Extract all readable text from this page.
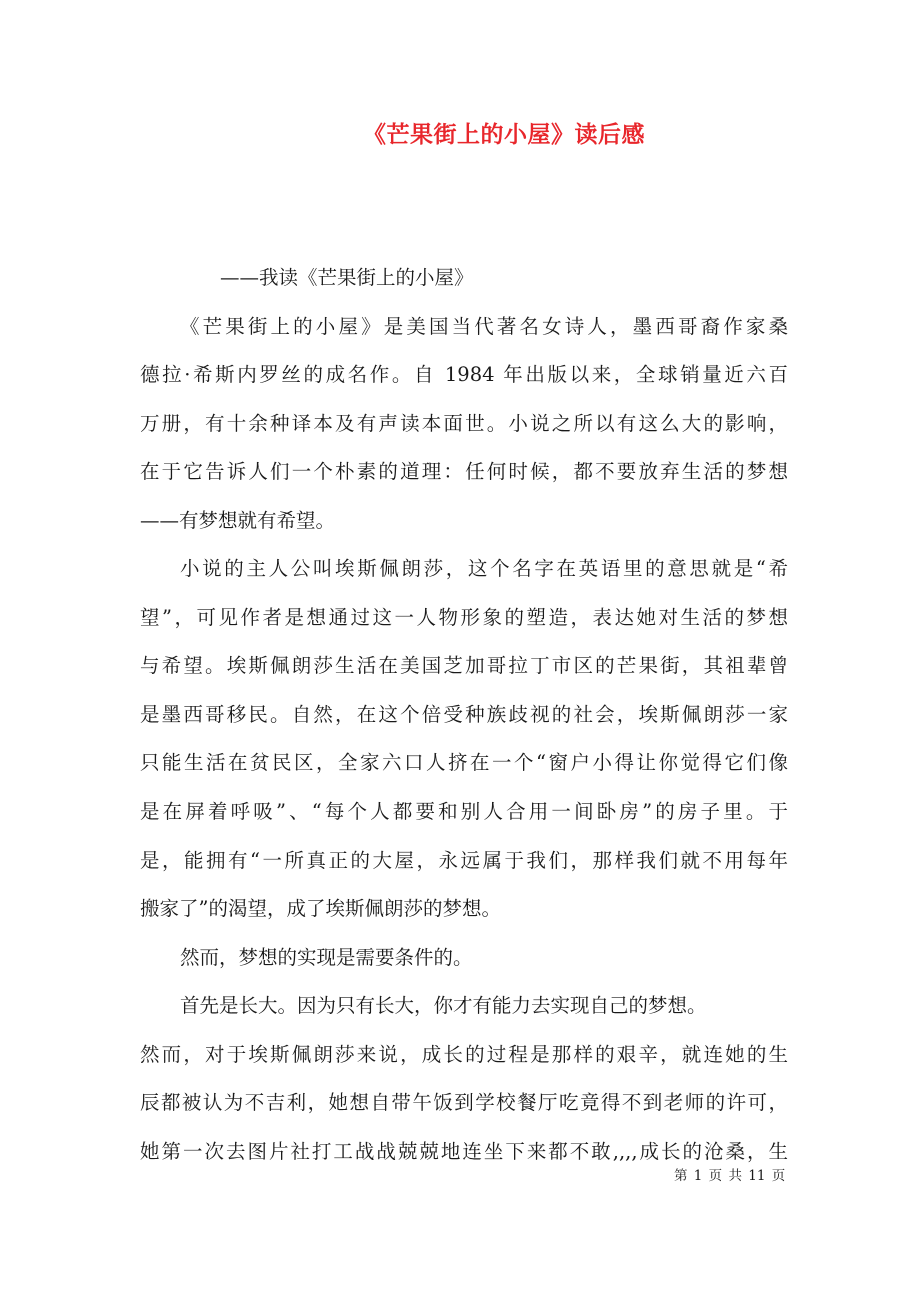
《芒果街上的小屋》读后感
——我读《芒果街上的小屋》
《芒果街上的小屋》是美国当代著名女诗人，墨西哥裔作家桑
德拉·希斯内罗丝的成名作。自 1984 年出版以来，全球销量近六百
万册，有十余种译本及有声读本面世。小说之所以有这么大的影响，
在于它告诉人们一个朴素的道理：任何时候，都不要放弃生活的梦想
——有梦想就有希望。
小说的主人公叫埃斯佩朗莎，这个名字在英语里的意思就是“希
望”，可见作者是想通过这一人物形象的塑造，表达她对生活的梦想
与希望。埃斯佩朗莎生活在美国芝加哥拉丁市区的芒果街，其祖辈曾
是墨西哥移民。自然，在这个倍受种族歧视的社会，埃斯佩朗莎一家
只能生活在贫民区，全家六口人挤在一个“窗户小得让你觉得它们像
是在屏着呼吸”、“每个人都要和别人合用一间卧房”的房子里。于
是，能拥有“一所真正的大屋，永远属于我们，那样我们就不用每年
搬家了”的渴望，成了埃斯佩朗莎的梦想。
然而，梦想的实现是需要条件的。
首先是长大。因为只有长大，你才有能力去实现自己的梦想。
然而，对于埃斯佩朗莎来说，成长的过程是那样的艰辛，就连她的生
辰都被认为不吉利，她想自带午饭到学校餐厅吃竟得不到老师的许可，
她第一次去图片社打工战战兢兢地连坐下来都不敢,,,,成长的沧桑，生
第 1 页 共 11 页
